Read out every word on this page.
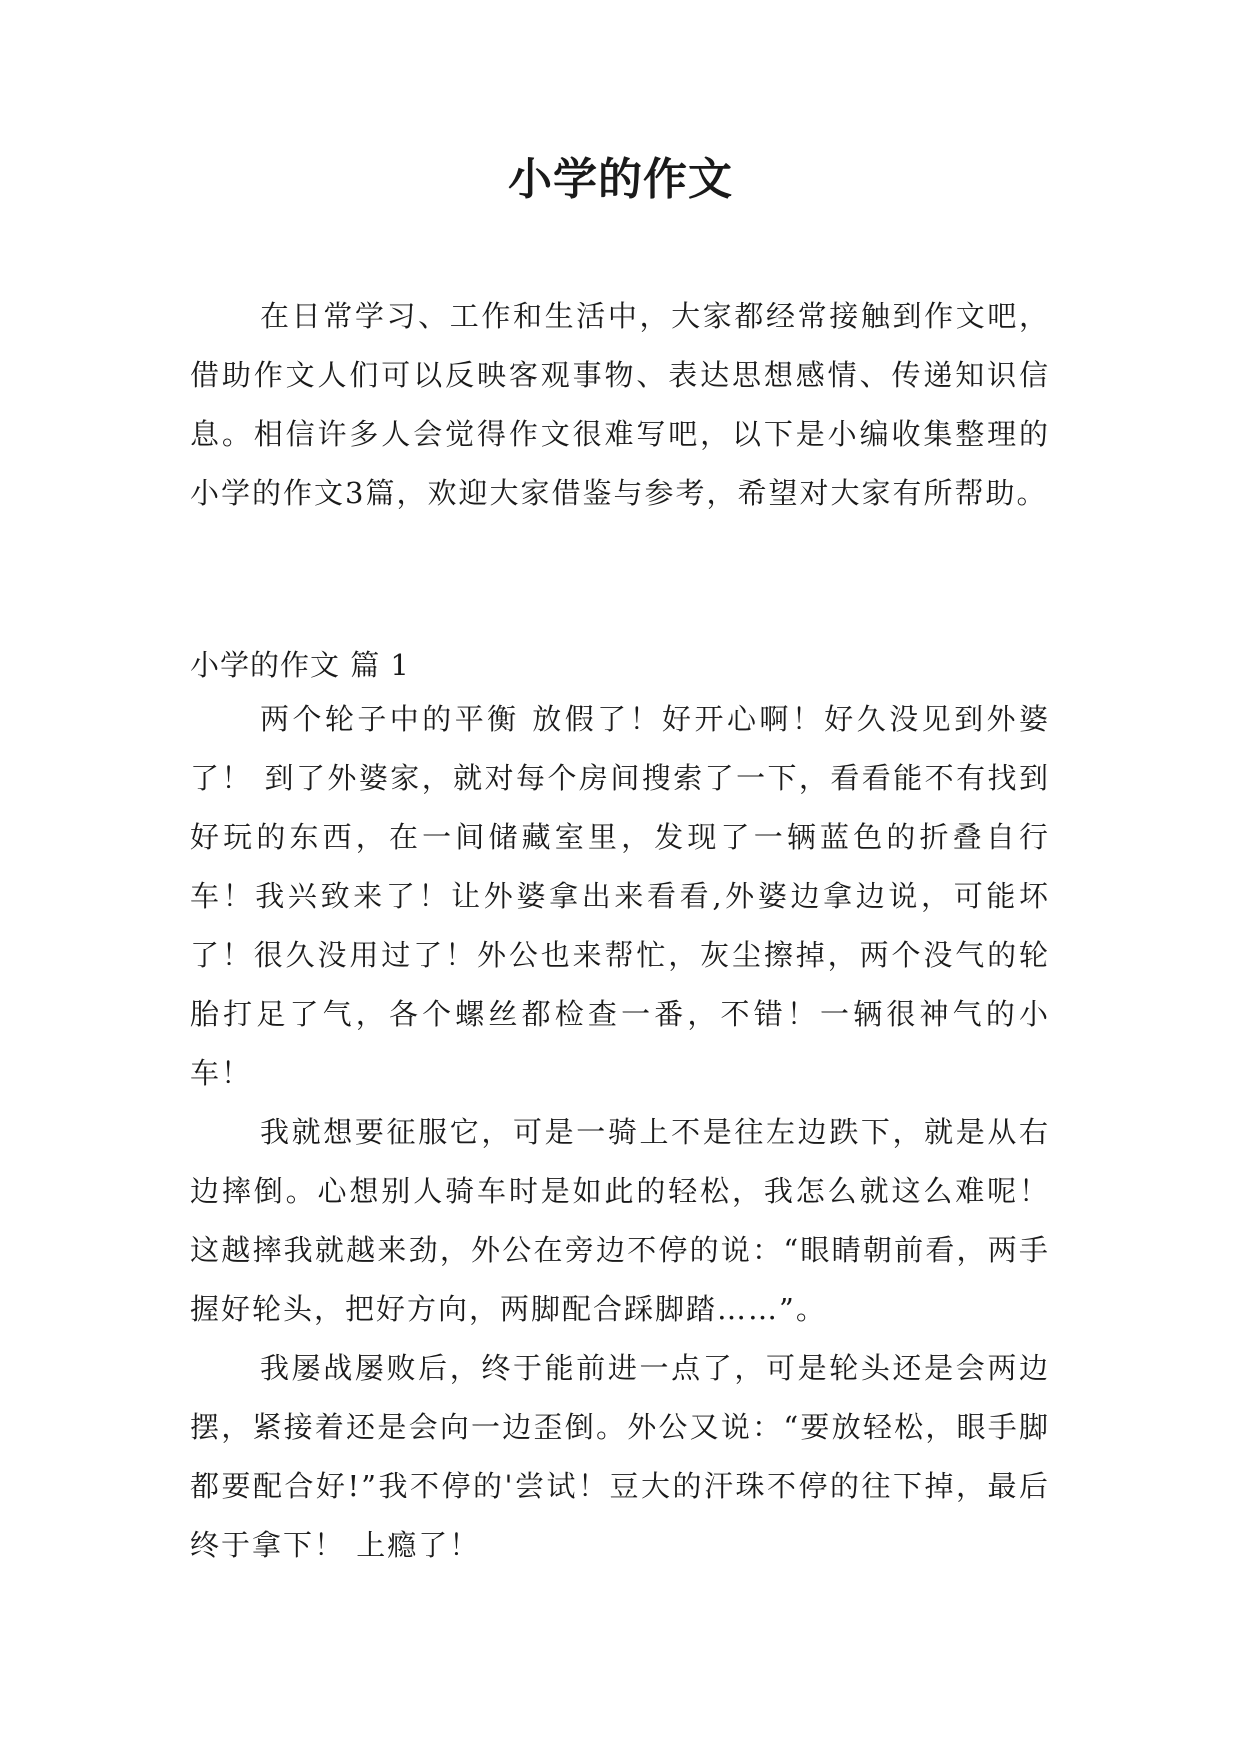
小学的作文

在日常学习、工作和生活中，大家都经常接触到作文吧，借助作文人们可以反映客观事物、表达思想感情、传递知识信息。相信许多人会觉得作文很难写吧，以下是小编收集整理的小学的作文3篇，欢迎大家借鉴与参考，希望对大家有所帮助。

小学的作文 篇 1

两个轮子中的平衡 放假了！好开心啊！好久没见到外婆了！ 到了外婆家，就对每个房间搜索了一下，看看能不有找到好玩的东西，在一间储藏室里，发现了一辆蓝色的折叠自行车！我兴致来了！让外婆拿出来看看,外婆边拿边说，可能坏了！很久没用过了！外公也来帮忙，灰尘擦掉，两个没气的轮胎打足了气，各个螺丝都检查一番，不错！一辆很神气的小车！

我就想要征服它，可是一骑上不是往左边跌下，就是从右边摔倒。心想别人骑车时是如此的轻松，我怎么就这么难呢！这越摔我就越来劲，外公在旁边不停的说：“眼睛朝前看，两手握好轮头，把好方向，两脚配合踩脚踏……”。

我屡战屡败后，终于能前进一点了，可是轮头还是会两边摆，紧接着还是会向一边歪倒。外公又说：“要放轻松，眼手脚都要配合好!”我不停的'尝试！豆大的汗珠不停的往下掉，最后终于拿下！ 上瘾了！
